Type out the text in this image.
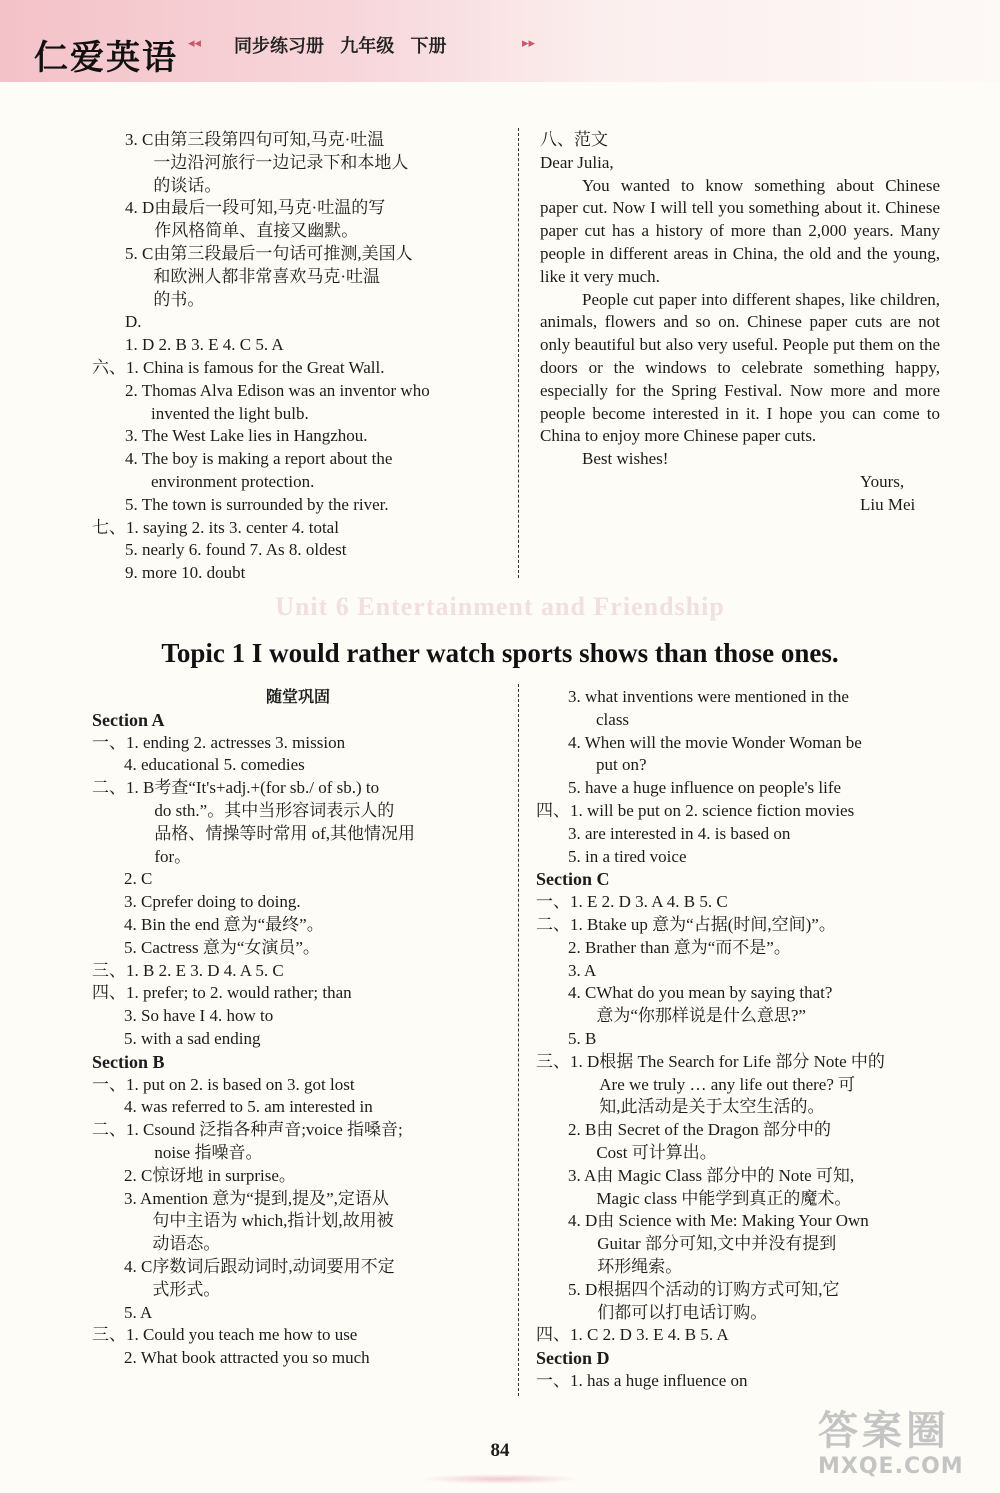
仁爱英语 ◂◂ 同步练习册 九年级 下册	▸▸
3. C 由第三段第四句可知,马克·吐温
一边沿河旅行一边记录下和本地人
的谈话。
4. D 由最后一段可知,马克·吐温的写
作风格简单、直接又幽默。
5. C 由第三段最后一句话可推测,美国人
和欧洲人都非常喜欢马克·吐温
的书。
D.
1. D 2. B 3. E 4. C 5. A
六、1. China is famous for the Great Wall.
2. Thomas Alva Edison was an inventor who
invented the light bulb.
3. The West Lake lies in Hangzhou.
4. The boy is making a report about the
environment protection.
5. The town is surrounded by the river.
七、1. saying 2. its 3. center 4. total
5. nearly 6. found 7. As 8. oldest
9. more 10. doubt
八、范文
Dear Julia,
You wanted to know something about Chinese paper cut. Now I will tell you something about it. Chinese paper cut has a history of more than 2,000 years. Many people in different areas in China, the old and the young, like it very much.
People cut paper into different shapes, like children, animals, flowers and so on. Chinese paper cuts are not only beautiful but also very useful. People put them on the doors or the windows to celebrate something happy, especially for the Spring Festival. Now more and more people become interested in it. I hope you can come to China to enjoy more Chinese paper cuts.
Best wishes!
Yours,
Liu Mei
Unit 6 Entertainment and Friendship
Topic 1 I would rather watch sports shows than those ones.
随堂巩固
Section A
一、1. ending 2. actresses 3. mission
4. educational 5. comedies
二、1. B 考查“It's+adj.+(for sb./ of sb.) to
do sth.”。其中当形容词表示人的
品格、情操等时常用 of,其他情况用
for。
2. C
3. C prefer doing to doing.
4. B in the end 意为“最终”。
5. C actress 意为“女演员”。
三、1. B 2. E 3. D 4. A 5. C
四、1. prefer; to 2. would rather; than
3. So have I 4. how to
5. with a sad ending
Section B
一、1. put on 2. is based on 3. got lost
4. was referred to 5. am interested in
二、1. C sound 泛指各种声音;voice 指嗓音;
noise 指噪音。
2. C 惊讶地 in surprise。
3. A mention 意为“提到,提及”,定语从
句中主语为 which,指计划,故用被
动语态。
4. C 序数词后跟动词时,动词要用不定
式形式。
5. A
三、1. Could you teach me how to use
2. What book attracted you so much
3. what inventions were mentioned in the
class
4. When will the movie Wonder Woman be
put on?
5. have a huge influence on people's life
四、1. will be put on 2. science fiction movies
3. are interested in 4. is based on
5. in a tired voice
Section C
一、1. E 2. D 3. A 4. B 5. C
二、1. B take up 意为“占据(时间,空间)”。
2. B rather than 意为“而不是”。
3. A
4. C What do you mean by saying that?
意为“你那样说是什么意思?”
5. B
三、1. D 根据 The Search for Life 部分 Note 中的
Are we truly … any life out there? 可
知,此活动是关于太空生活的。
2. B 由 Secret of the Dragon 部分中的
Cost 可计算出。
3. A 由 Magic Class 部分中的 Note 可知,
Magic class 中能学到真正的魔术。
4. D 由 Science with Me: Making Your Own
Guitar 部分可知,文中并没有提到
环形绳索。
5. D 根据四个活动的订购方式可知,它
们都可以打电话订购。
四、1. C 2. D 3. E 4. B 5. A
Section D
一、1. has a huge influence on
84	答案圈
MXQE.COM
